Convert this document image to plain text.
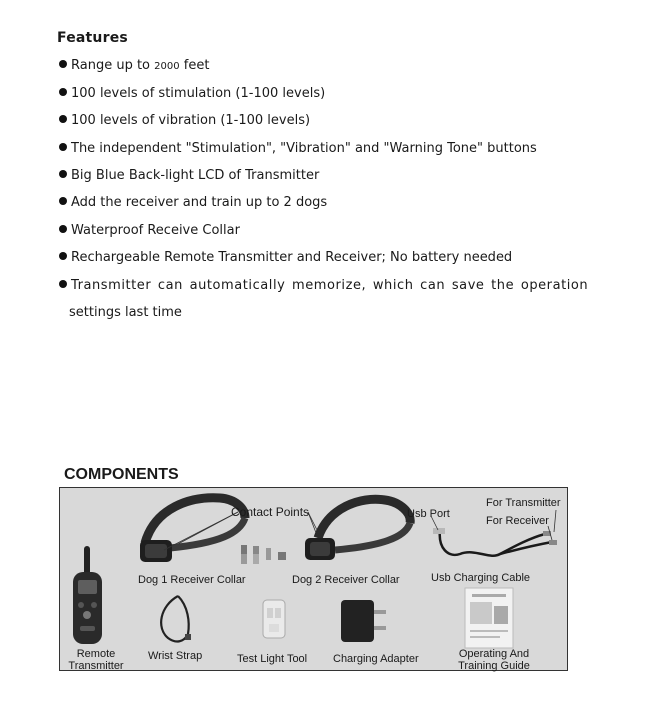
Features
Range up to 2000 feet
100 levels of stimulation (1-100 levels)
100 levels of vibration (1-100 levels)
The independent "Stimulation", "Vibration" and "Warning Tone" buttons
Big Blue Back-light LCD of Transmitter
Add the receiver and train up to 2 dogs
Waterproof Receive Collar
Rechargeable Remote Transmitter and Receiver; No battery needed
Transmitter can automatically memorize, which can save the operation
settings last time
COMPONENTS
Contact Points	Usb Port
For Transmitter
For Receiver
Dog 1 Receiver Collar	Dog 2 Receiver Collar	Usb Charging Cable
Remote
Transmitter
Wrist Strap	Test Light Tool Charging Adapter	Operating And
Training Guide
